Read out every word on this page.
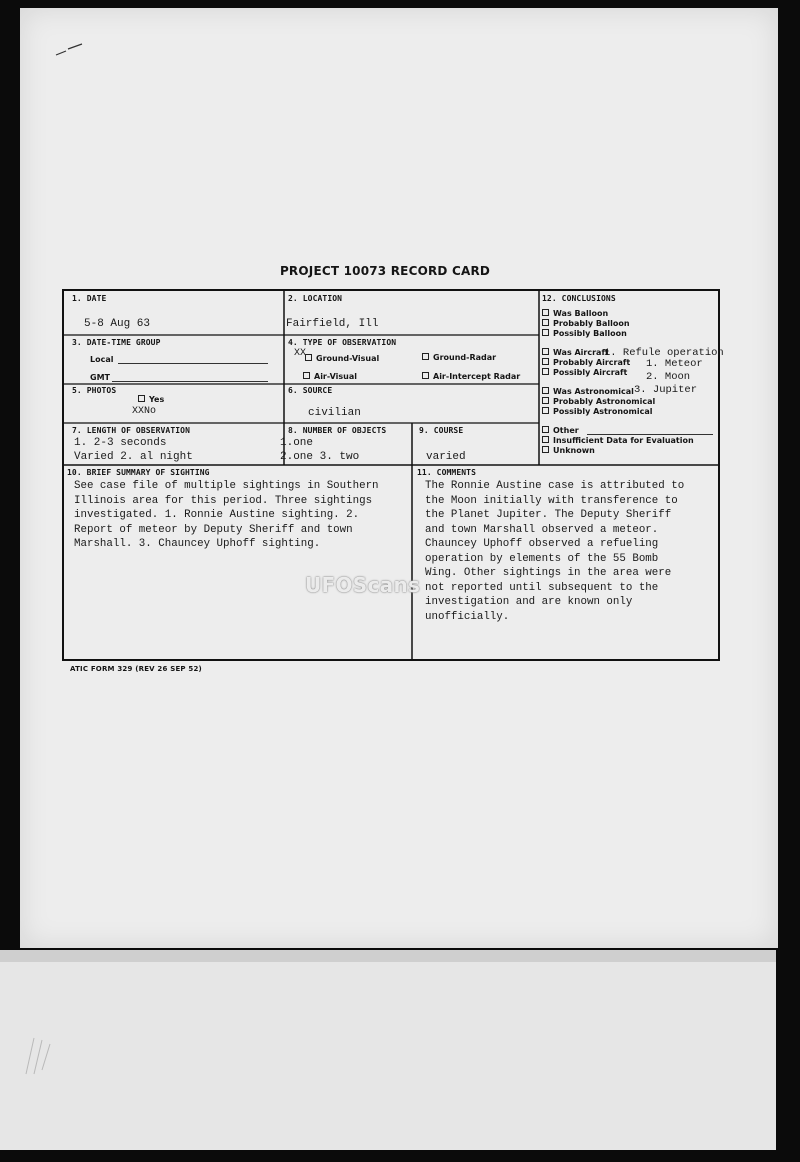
PROJECT 10073 RECORD CARD
1. DATE
5-8 Aug 63
2. LOCATION
Fairfield, Ill
3. DATE-TIME GROUP
Local
GMT
4. TYPE OF OBSERVATION
XX	Ground-Visual	Ground-Radar
Air-Visual	Air-Intercept Radar
5. PHOTOS
Yes
XXNo
6. SOURCE
civilian
7. LENGTH OF OBSERVATION
1. 2-3 seconds
Varied 2. al night
8. NUMBER OF OBJECTS
1.one
2.one 3. two
9. COURSE
varied
12. CONCLUSIONS
Was Balloon
Probably Balloon
Possibly Balloon
Was Aircraft
Probably Aircraft
Possibly Aircraft
Was Astronomical
Probably Astronomical
Possibly Astronomical
Other
Insufficient Data for Evaluation
Unknown
1. Refule operation
1. Meteor
2. Moon
3. Jupiter
10. BRIEF SUMMARY OF SIGHTING

See case file of multiple sightings in Southern
Illinois area for this period. Three sightings
investigated. 1. Ronnie Austine sighting. 2.
Report of meteor by Deputy Sheriff and town
Marshall. 3. Chauncey Uphoff sighting.

11. COMMENTS

The Ronnie Austine case is attributed to
the Moon initially with transference to
the Planet Jupiter. The Deputy Sheriff
and town Marshall observed a meteor.
Chauncey Uphoff observed a refueling
operation by elements of the 55 Bomb
Wing. Other sightings in the area were
not reported until subsequent to the
investigation and are known only
unofficially.

UFOScans
ATIC FORM 329 (REV 26 SEP 52)
